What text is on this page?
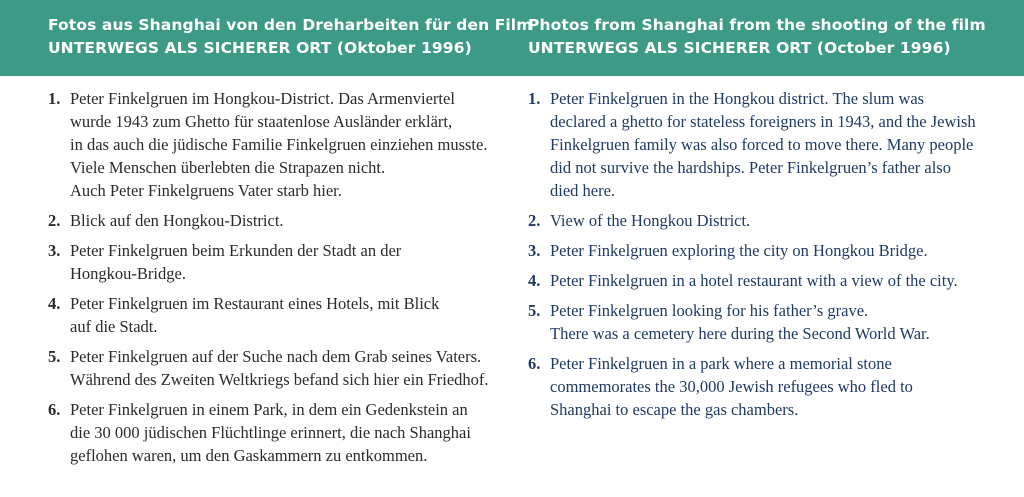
Fotos aus Shanghai von den Dreharbeiten für den Film
UNTERWEGS ALS SICHERER ORT (Oktober 1996)
Photos from Shanghai from the shooting of the film
UNTERWEGS ALS SICHERER ORT (October 1996)
1. Peter Finkelgruen im Hongkou-District. Das Armenviertel
wurde 1943 zum Ghetto für staatenlose Ausländer erklärt,
in das auch die jüdische Familie Finkelgruen einziehen musste.
Viele Menschen überlebten die Strapazen nicht.
Auch Peter Finkelgruens Vater starb hier.
2. Blick auf den Hongkou-District.
3. Peter Finkelgruen beim Erkunden der Stadt an der
Hongkou-Bridge.
4. Peter Finkelgruen im Restaurant eines Hotels, mit Blick
auf die Stadt.
5. Peter Finkelgruen auf der Suche nach dem Grab seines Vaters.
Während des Zweiten Weltkriegs befand sich hier ein Friedhof.
6. Peter Finkelgruen in einem Park, in dem ein Gedenkstein an
die 30 000 jüdischen Flüchtlinge erinnert, die nach Shanghai
geflohen waren, um den Gaskammern zu entkommen.
1. Peter Finkelgruen in the Hongkou district. The slum was
declared a ghetto for stateless foreigners in 1943, and the Jewish
Finkelgruen family was also forced to move there. Many people
did not survive the hardships. Peter Finkelgruen’s father also
died here.
2. View of the Hongkou District.
3. Peter Finkelgruen exploring the city on Hongkou Bridge.
4. Peter Finkelgruen in a hotel restaurant with a view of the city.
5. Peter Finkelgruen looking for his father’s grave.
There was a cemetery here during the Second World War.
6. Peter Finkelgruen in a park where a memorial stone
commemorates the 30,000 Jewish refugees who fled to
Shanghai to escape the gas chambers.
